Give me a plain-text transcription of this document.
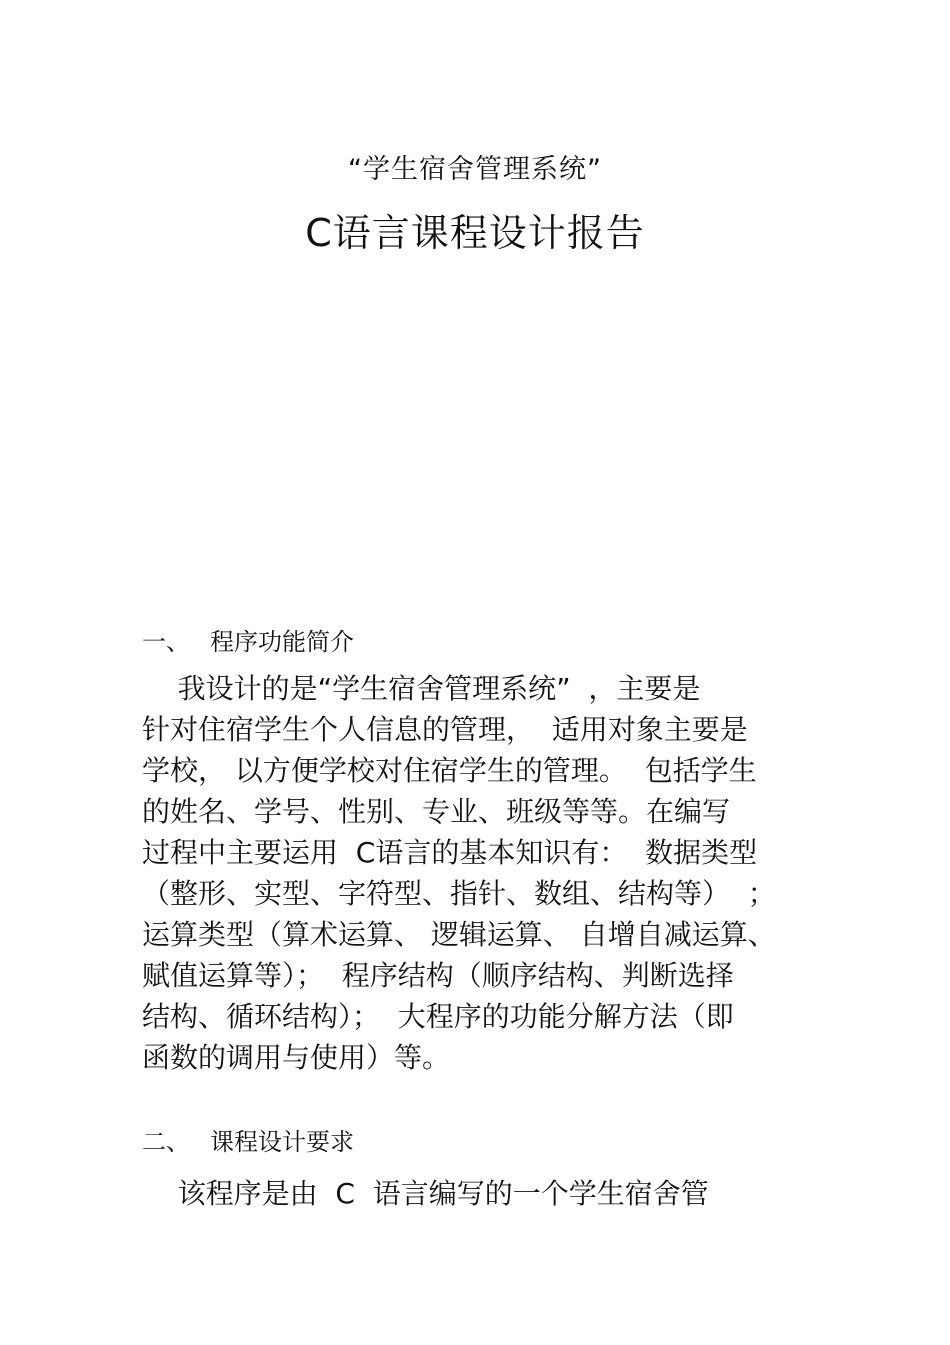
“学生宿舍管理系统”
C语言课程设计报告
一、 程序功能简介
我设计的是“学生宿舍管理系统”  ，主要是
针对住宿学生个人信息的管理，  适用对象主要是
学校， 以方便学校对住宿学生的管理。  包括学生
的姓名、学号、性别、专业、班级等等。在编写
过程中主要运用  C语言的基本知识有：  数据类型
（整形、实型、字符型、指针、数组、结构等）  ；
运算类型（算术运算、 逻辑运算、 自增自减运算、
赋值运算等）；  程序结构（顺序结构、判断选择
结构、循环结构）；  大程序的功能分解方法（即
函数的调用与使用）等。
二、 课程设计要求
该程序是由  C  语言编写的一个学生宿舍管
